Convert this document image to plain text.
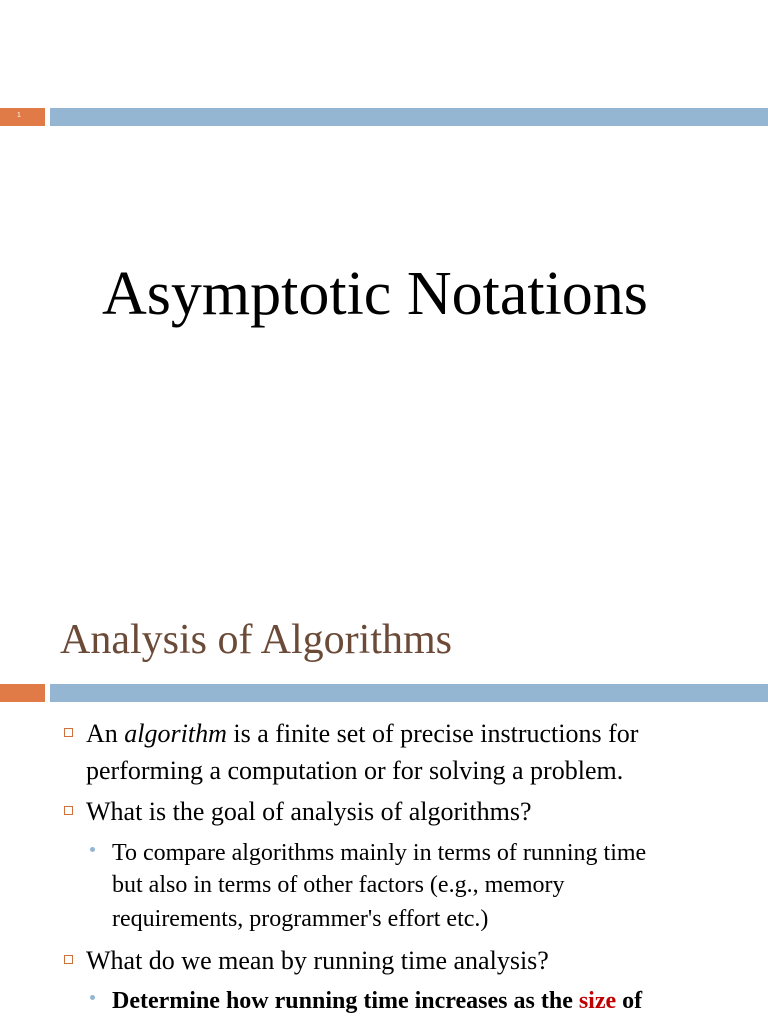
1
Asymptotic Notations
Analysis of Algorithms
An algorithm is a finite set of precise instructions for
performing a computation or for solving a problem.
What is the goal of analysis of algorithms?
To compare algorithms mainly in terms of running time
but also in terms of other factors (e.g., memory
requirements, programmer's effort etc.)
What do we mean by running time analysis?
Determine how running time increases as the size of
